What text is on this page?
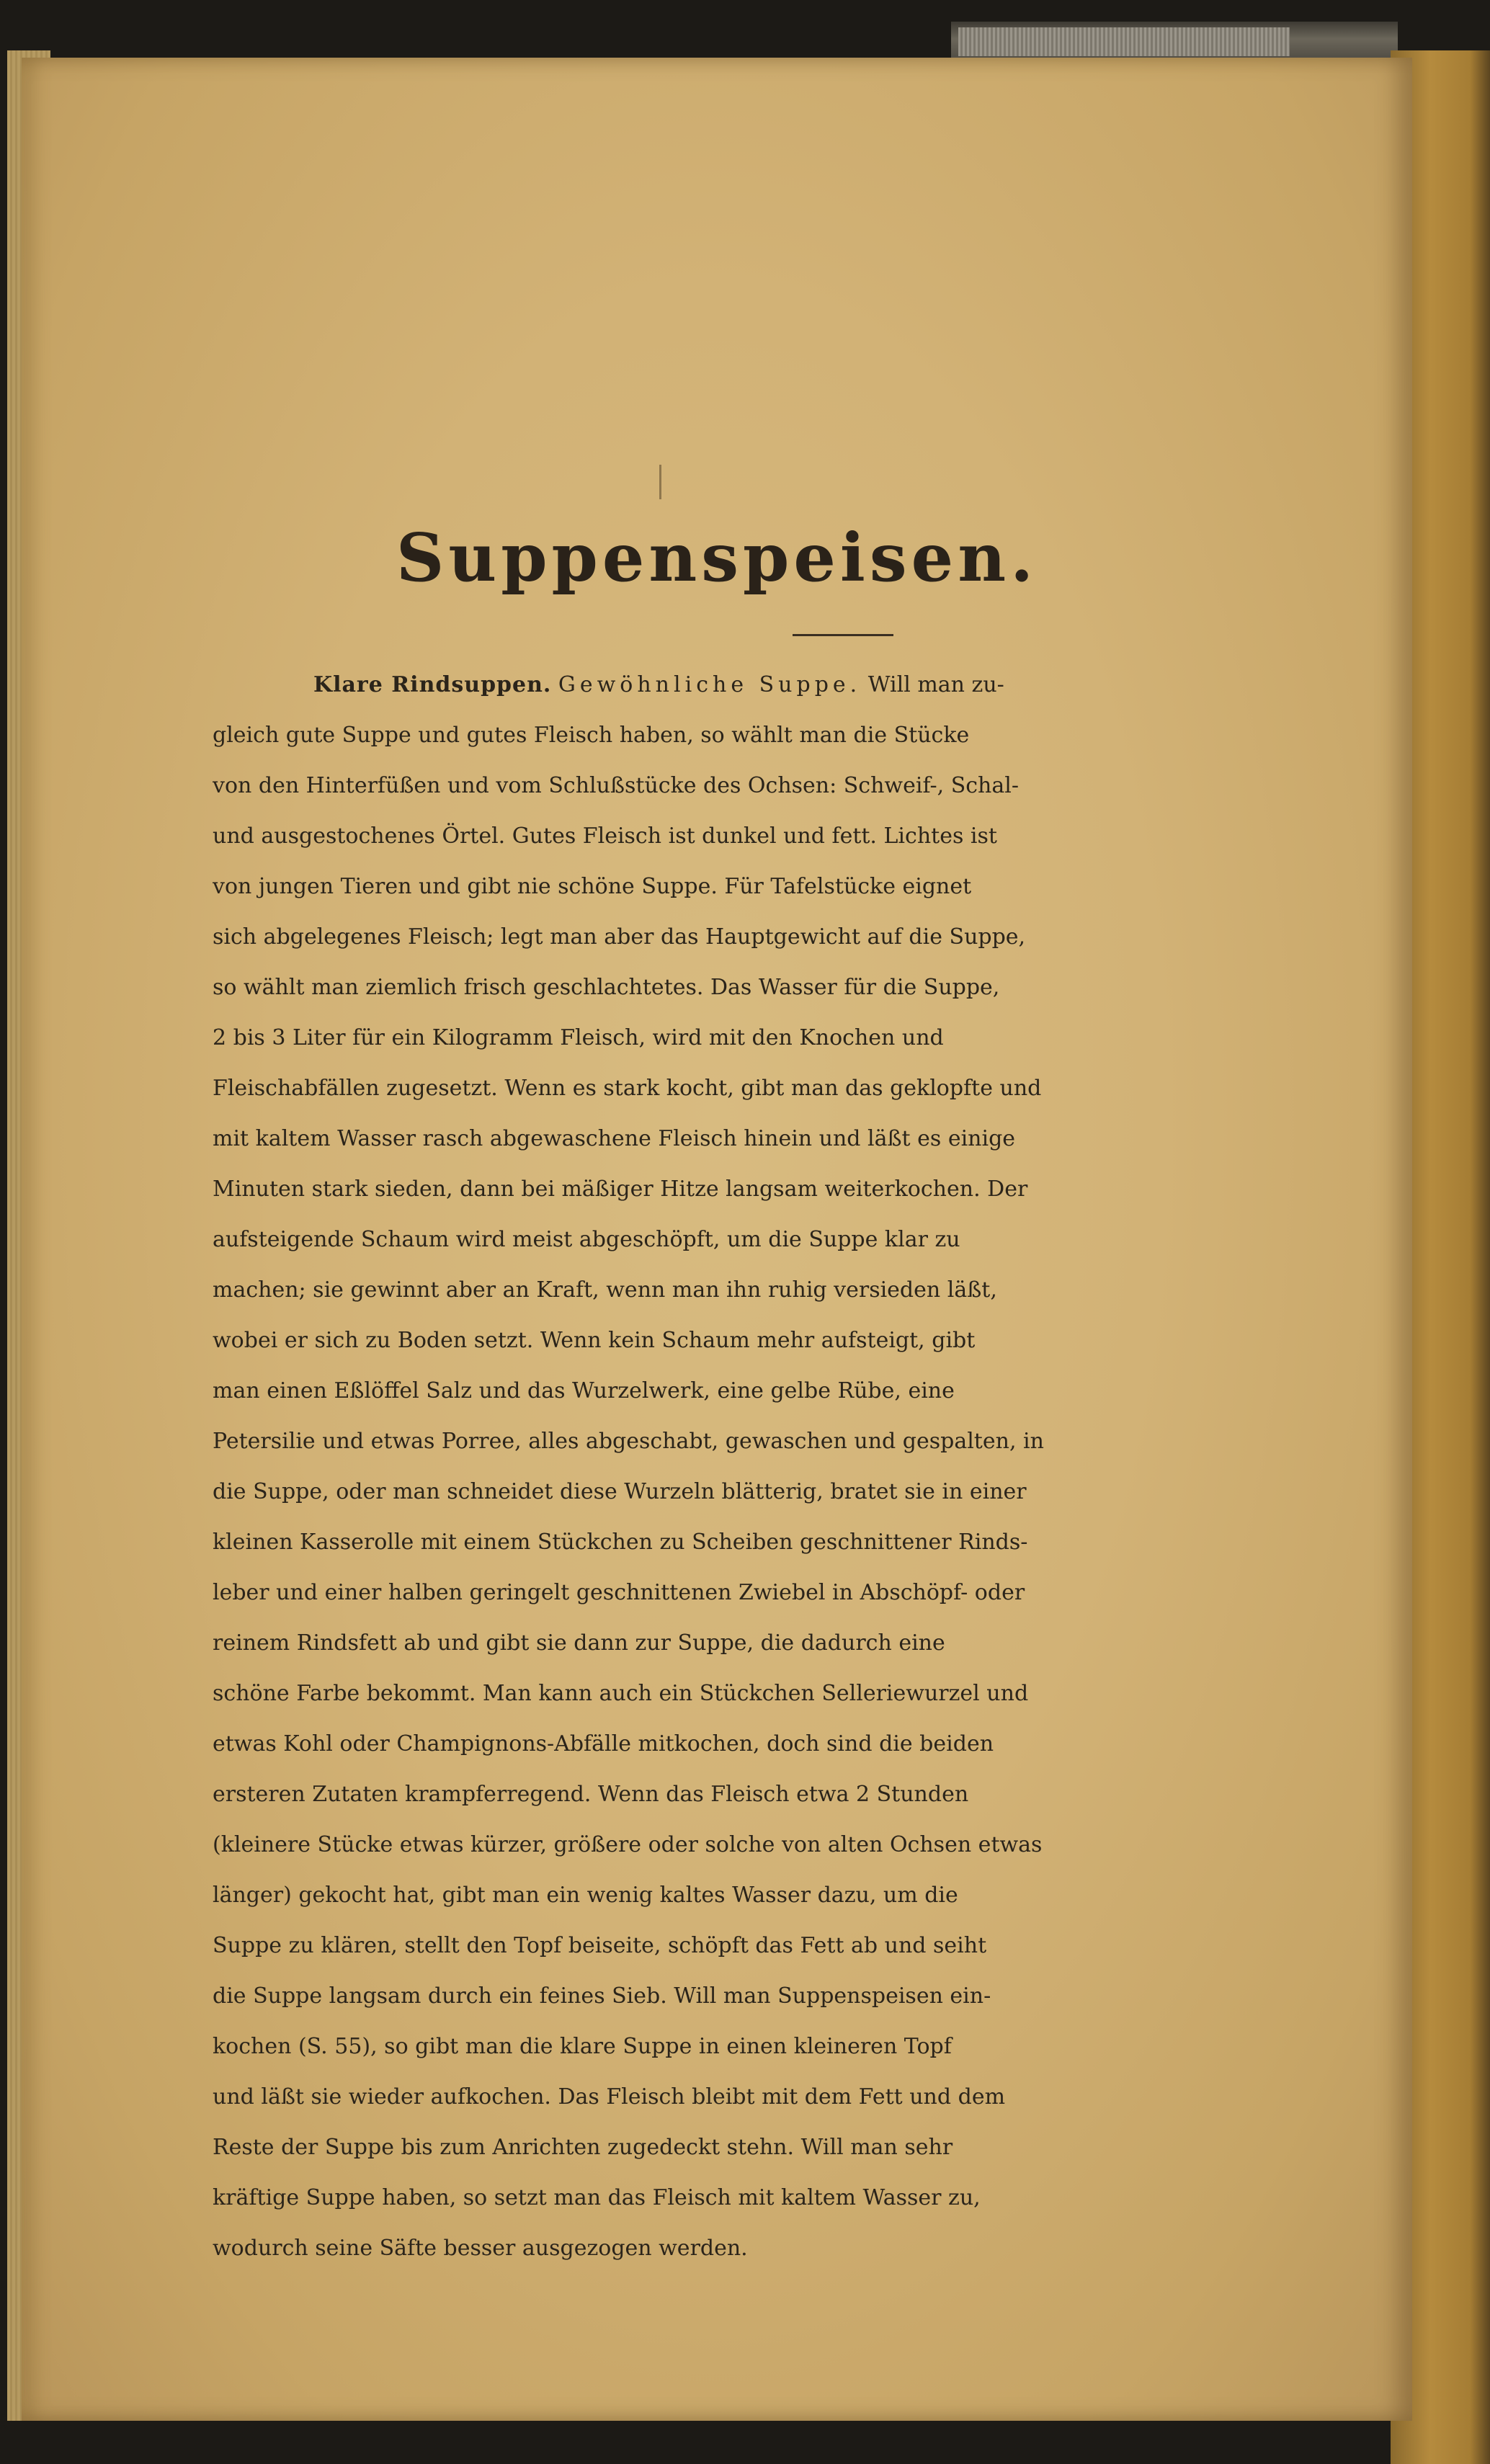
Suppenspeisen.

Klare Rindsuppen. Gewöhnliche Suppe. Will man zu-

gleich gute Suppe und gutes Fleisch haben, so wählt man die Stücke

von den Hinterfüßen und vom Schlußstücke des Ochsen: Schweif-, Schal-

und ausgestochenes Örtel. Gutes Fleisch ist dunkel und fett. Lichtes ist

von jungen Tieren und gibt nie schöne Suppe. Für Tafelstücke eignet

sich abgelegenes Fleisch; legt man aber das Hauptgewicht auf die Suppe,

so wählt man ziemlich frisch geschlachtetes. Das Wasser für die Suppe,

2 bis 3 Liter für ein Kilogramm Fleisch, wird mit den Knochen und

Fleischabfällen zugesetzt. Wenn es stark kocht, gibt man das geklopfte und

mit kaltem Wasser rasch abgewaschene Fleisch hinein und läßt es einige

Minuten stark sieden, dann bei mäßiger Hitze langsam weiterkochen. Der

aufsteigende Schaum wird meist abgeschöpft, um die Suppe klar zu

machen; sie gewinnt aber an Kraft, wenn man ihn ruhig versieden läßt,

wobei er sich zu Boden setzt. Wenn kein Schaum mehr aufsteigt, gibt

man einen Eßlöffel Salz und das Wurzelwerk, eine gelbe Rübe, eine

Petersilie und etwas Porree, alles abgeschabt, gewaschen und gespalten, in

die Suppe, oder man schneidet diese Wurzeln blätterig, bratet sie in einer

kleinen Kasserolle mit einem Stückchen zu Scheiben geschnittener Rinds-

leber und einer halben geringelt geschnittenen Zwiebel in Abschöpf- oder

reinem Rindsfett ab und gibt sie dann zur Suppe, die dadurch eine

schöne Farbe bekommt. Man kann auch ein Stückchen Selleriewurzel und

etwas Kohl oder Champignons-Abfälle mitkochen, doch sind die beiden

ersteren Zutaten krampferregend. Wenn das Fleisch etwa 2 Stunden

(kleinere Stücke etwas kürzer, größere oder solche von alten Ochsen etwas

länger) gekocht hat, gibt man ein wenig kaltes Wasser dazu, um die

Suppe zu klären, stellt den Topf beiseite, schöpft das Fett ab und seiht

die Suppe langsam durch ein feines Sieb. Will man Suppenspeisen ein-

kochen (S. 55), so gibt man die klare Suppe in einen kleineren Topf

und läßt sie wieder aufkochen. Das Fleisch bleibt mit dem Fett und dem

Reste der Suppe bis zum Anrichten zugedeckt stehn. Will man sehr

kräftige Suppe haben, so setzt man das Fleisch mit kaltem Wasser zu,

wodurch seine Säfte besser ausgezogen werden.
